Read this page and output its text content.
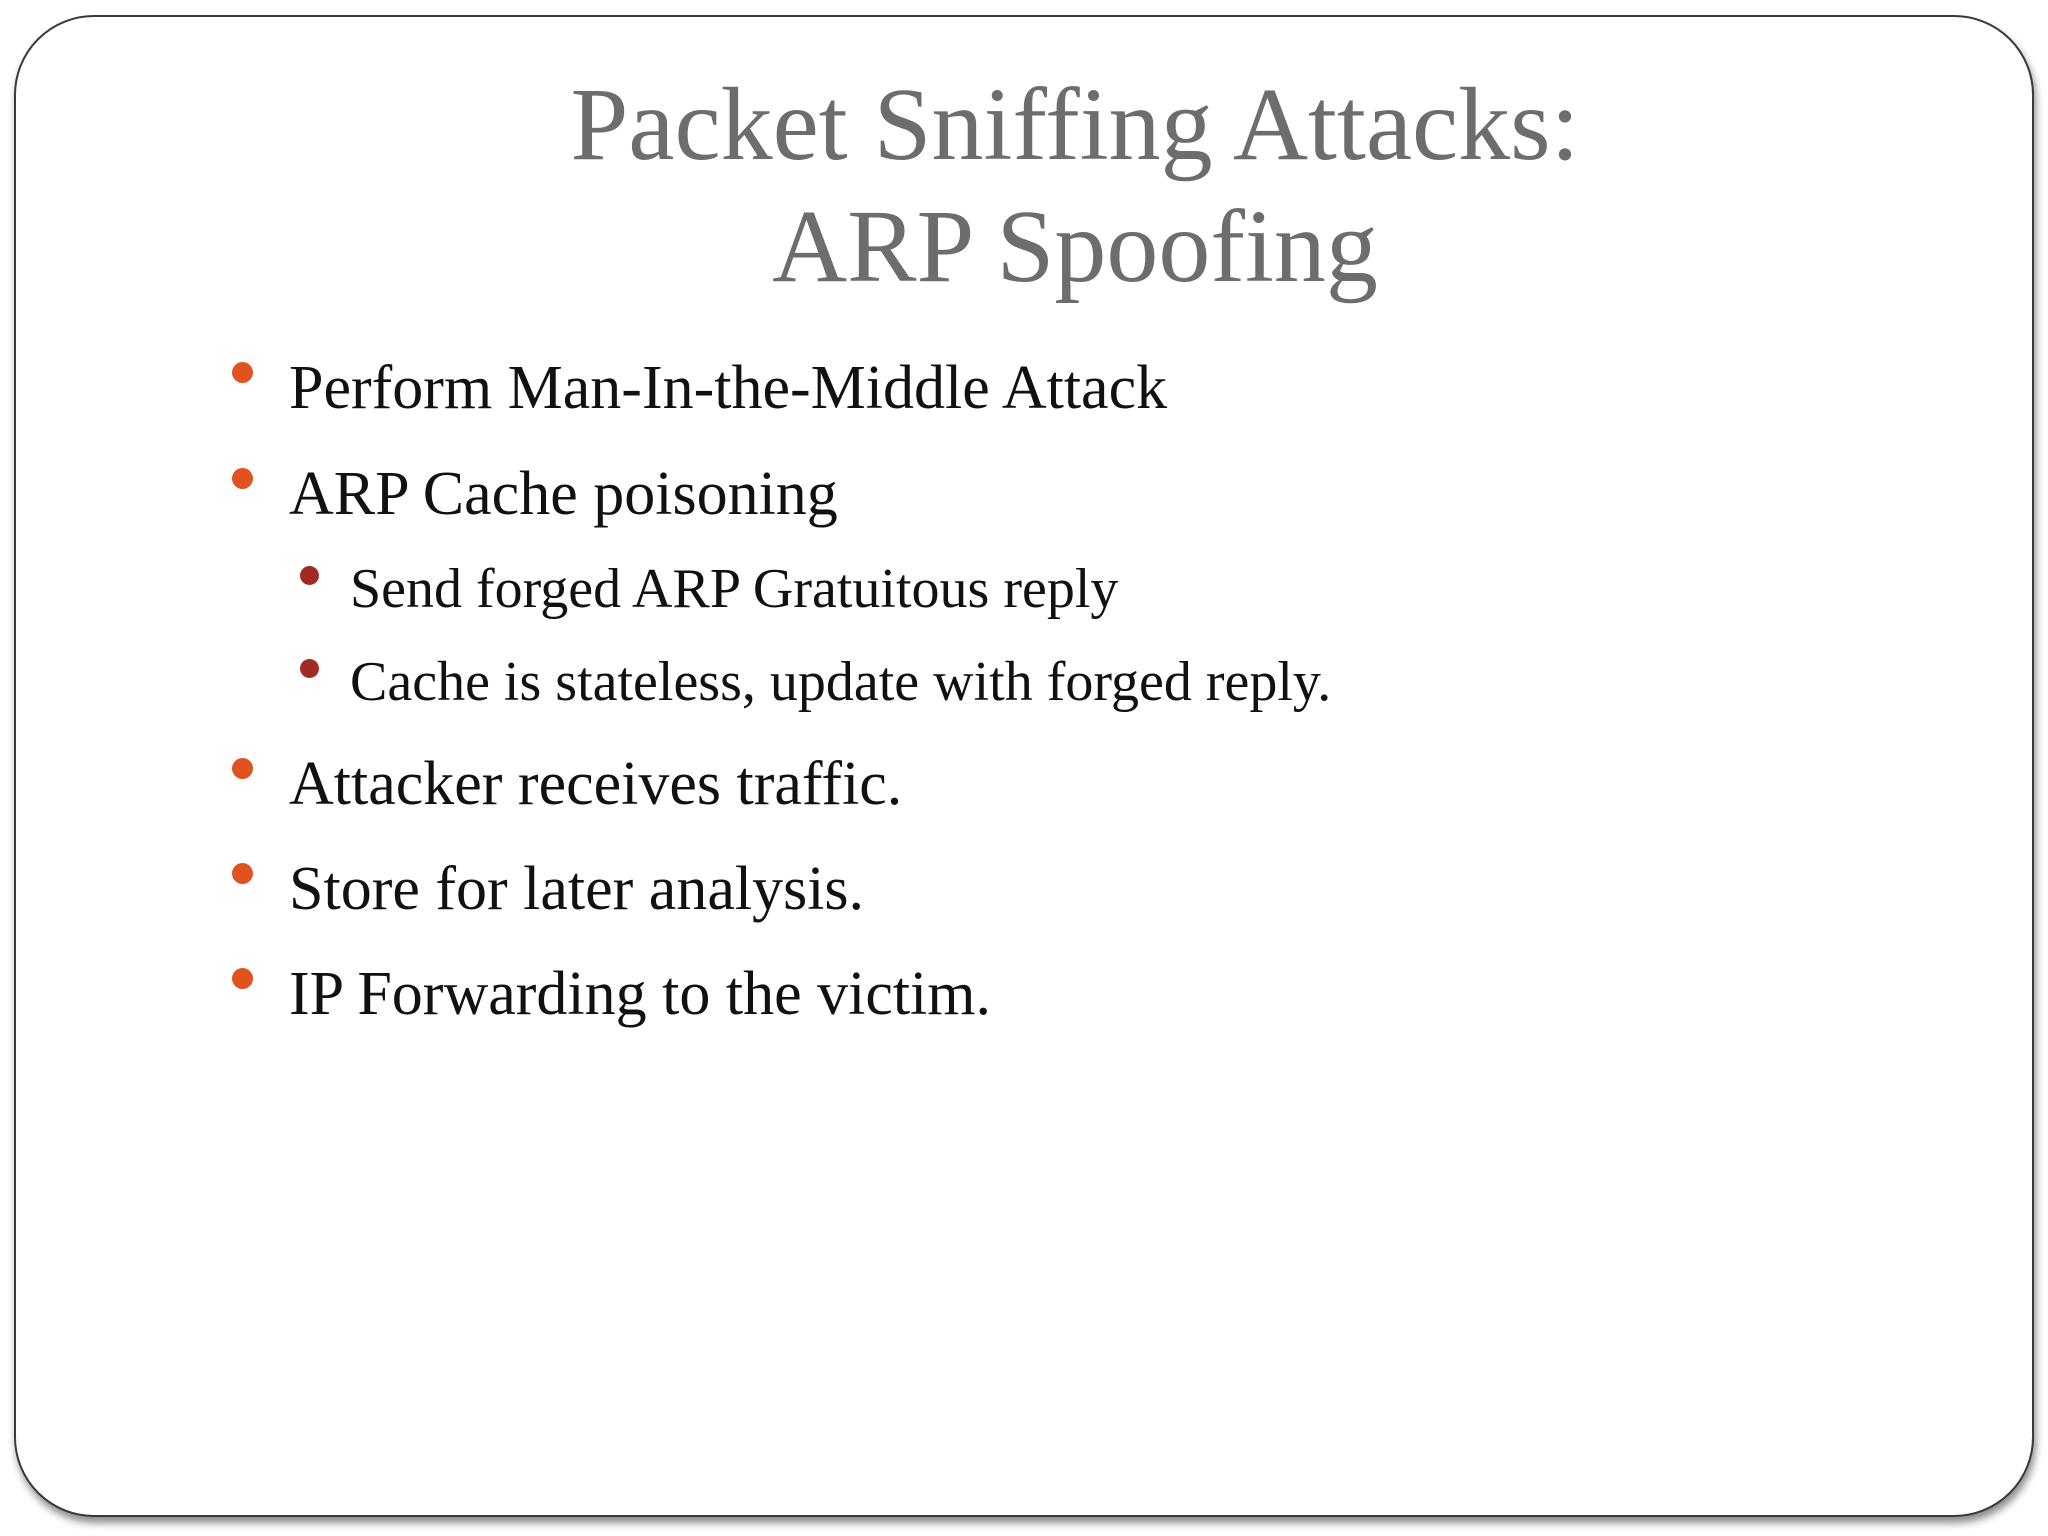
Packet Sniffing Attacks:
ARP Spoofing
Perform Man-In-the-Middle Attack
ARP Cache poisoning
Send forged ARP Gratuitous reply
Cache is stateless, update with forged reply.
Attacker receives traffic.
Store for later analysis.
IP Forwarding to the victim.
